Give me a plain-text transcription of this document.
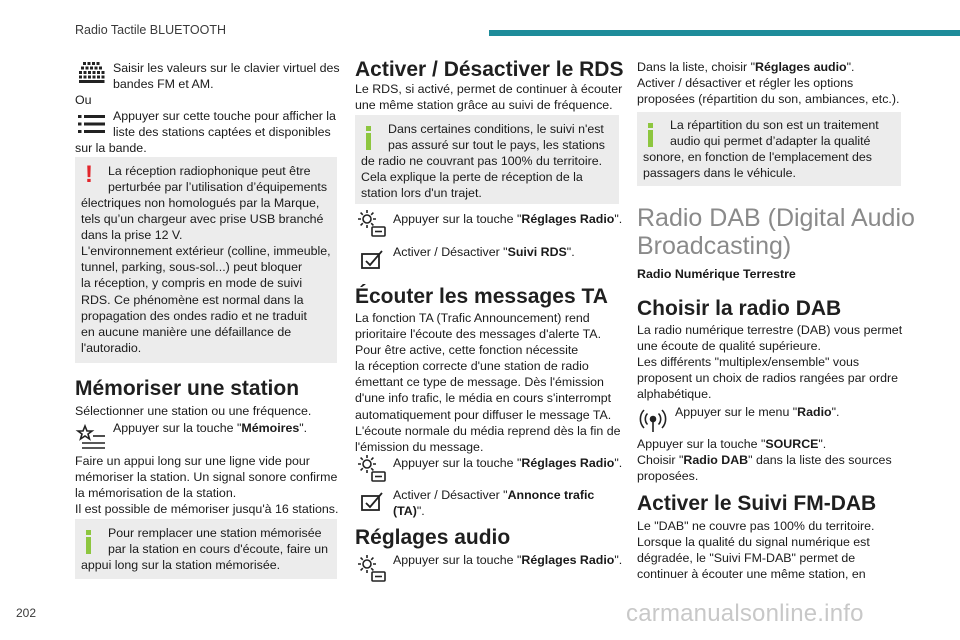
Radio Tactile BLUETOOTH
Saisir les valeurs sur le clavier virtuel des
bandes FM et AM.
Ou
Appuyer sur cette touche pour afficher la
liste des stations captées et disponibles
sur la bande.
! La réception radiophonique peut être
perturbée par l’utilisation d’équipements
électriques non homologués par la Marque,
tels qu’un chargeur avec prise USB branché
dans la prise 12 V.
L'environnement extérieur (colline, immeuble,
tunnel, parking, sous-sol...) peut bloquer
la réception, y compris en mode de suivi
RDS. Ce phénomène est normal dans la
propagation des ondes radio et ne traduit
en aucune manière une défaillance de
l'autoradio.
Mémoriser une station
Sélectionner une station ou une fréquence.
Appuyer sur la touche "Mémoires".
Faire un appui long sur une ligne vide pour
mémoriser la station. Un signal sonore confirme
la mémorisation de la station.
Il est possible de mémoriser jusqu'à 16 stations.
Pour remplacer une station mémorisée
par la station en cours d'écoute, faire un
appui long sur la station mémorisée.
Activer / Désactiver le RDS
Le RDS, si activé, permet de continuer à écouter
une même station grâce au suivi de fréquence.
Dans certaines conditions, le suivi n'est
pas assuré sur tout le pays, les stations
de radio ne couvrant pas 100% du territoire.
Cela explique la perte de réception de la
station lors d'un trajet.
Appuyer sur la touche "Réglages Radio".
Activer / Désactiver "Suivi RDS".
Écouter les messages TA
La fonction TA (Trafic Announcement) rend
prioritaire l'écoute des messages d'alerte TA.
Pour être active, cette fonction nécessite
la réception correcte d'une station de radio
émettant ce type de message. Dès l'émission
d'une info trafic, le média en cours s'interrompt
automatiquement pour diffuser le message TA.
L'écoute normale du média reprend dès la fin de
l'émission du message.
Appuyer sur la touche "Réglages Radio".
Activer / Désactiver "Annonce trafic
(TA)".
Réglages audio
Appuyer sur la touche "Réglages Radio".
Dans la liste, choisir "Réglages audio".
Activer / désactiver et régler les options
proposées (répartition du son, ambiances, etc.).
La répartition du son est un traitement
audio qui permet d’adapter la qualité
sonore, en fonction de l'emplacement des
passagers dans le véhicule.
Radio DAB (Digital Audio
Broadcasting)
Radio Numérique Terrestre
Choisir la radio DAB
La radio numérique terrestre (DAB) vous permet
une écoute de qualité supérieure.
Les différents "multiplex/ensemble" vous
proposent un choix de radios rangées par ordre
alphabétique.
Appuyer sur le menu "Radio".
Appuyer sur la touche "SOURCE".
Choisir "Radio DAB" dans la liste des sources
proposées.
Activer le Suivi FM-DAB
Le "DAB" ne couvre pas 100% du territoire.
Lorsque la qualité du signal numérique est
dégradée, le "Suivi FM-DAB" permet de
continuer à écouter une même station, en
202	carmanualsonline.info
